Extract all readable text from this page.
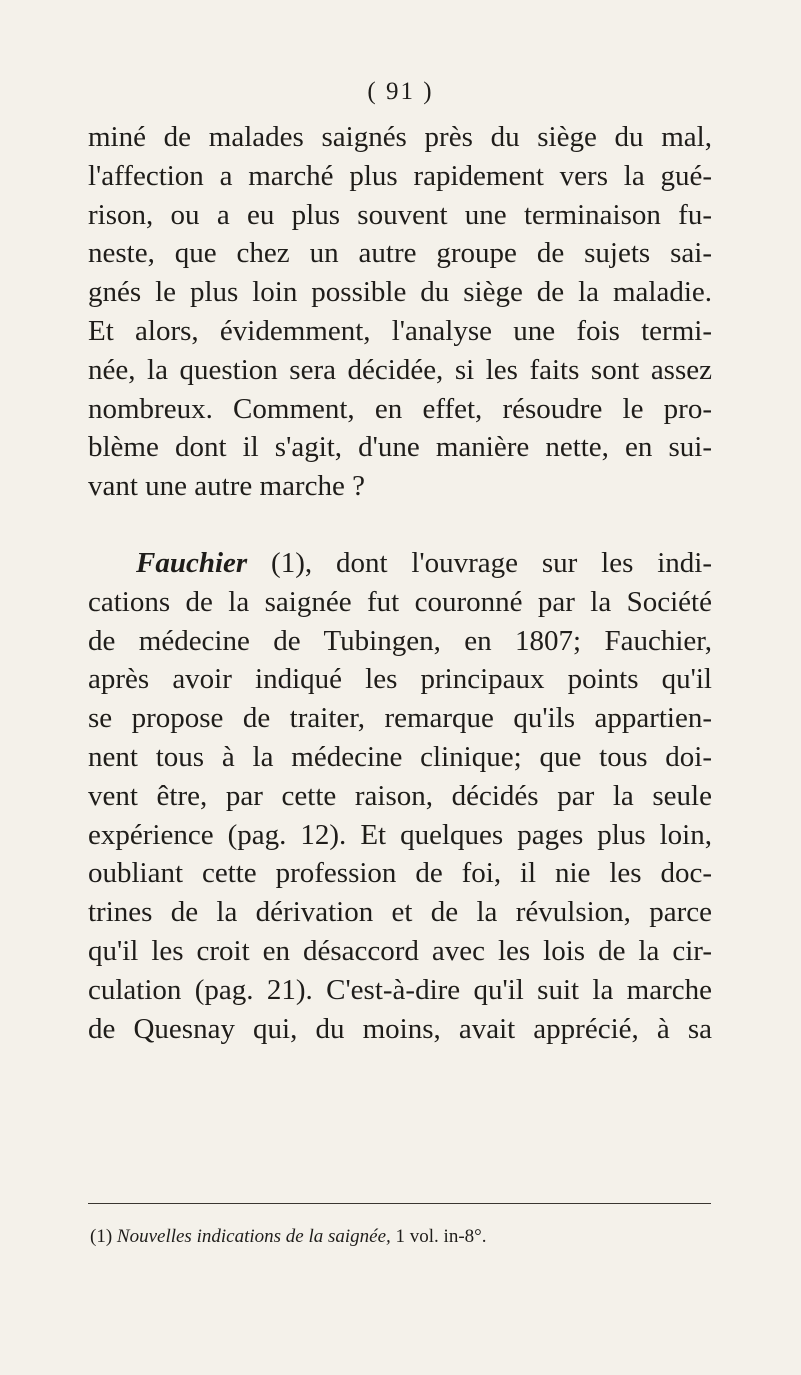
( 91 )
miné de malades saignés près du siège du mal,
l'affection a marché plus rapidement vers la gué-
rison, ou a eu plus souvent une terminaison fu-
neste, que chez un autre groupe de sujets sai-
gnés le plus loin possible du siège de la maladie.
Et alors, évidemment, l'analyse une fois termi-
née, la question sera décidée, si les faits sont assez
nombreux. Comment, en effet, résoudre le pro-
blème dont il s'agit, d'une manière nette, en sui-
vant une autre marche ?
Fauchier (1), dont l'ouvrage sur les indi-
cations de la saignée fut couronné par la Société
de médecine de Tubingen, en 1807; Fauchier,
après avoir indiqué les principaux points qu'il
se propose de traiter, remarque qu'ils appartien-
nent tous à la médecine clinique; que tous doi-
vent être, par cette raison, décidés par la seule
expérience (pag. 12). Et quelques pages plus loin,
oubliant cette profession de foi, il nie les doc-
trines de la dérivation et de la révulsion, parce
qu'il les croit en désaccord avec les lois de la cir-
culation (pag. 21). C'est-à-dire qu'il suit la marche
de Quesnay qui, du moins, avait apprécié, à sa
(1) Nouvelles indications de la saignée, 1 vol. in-8°.
